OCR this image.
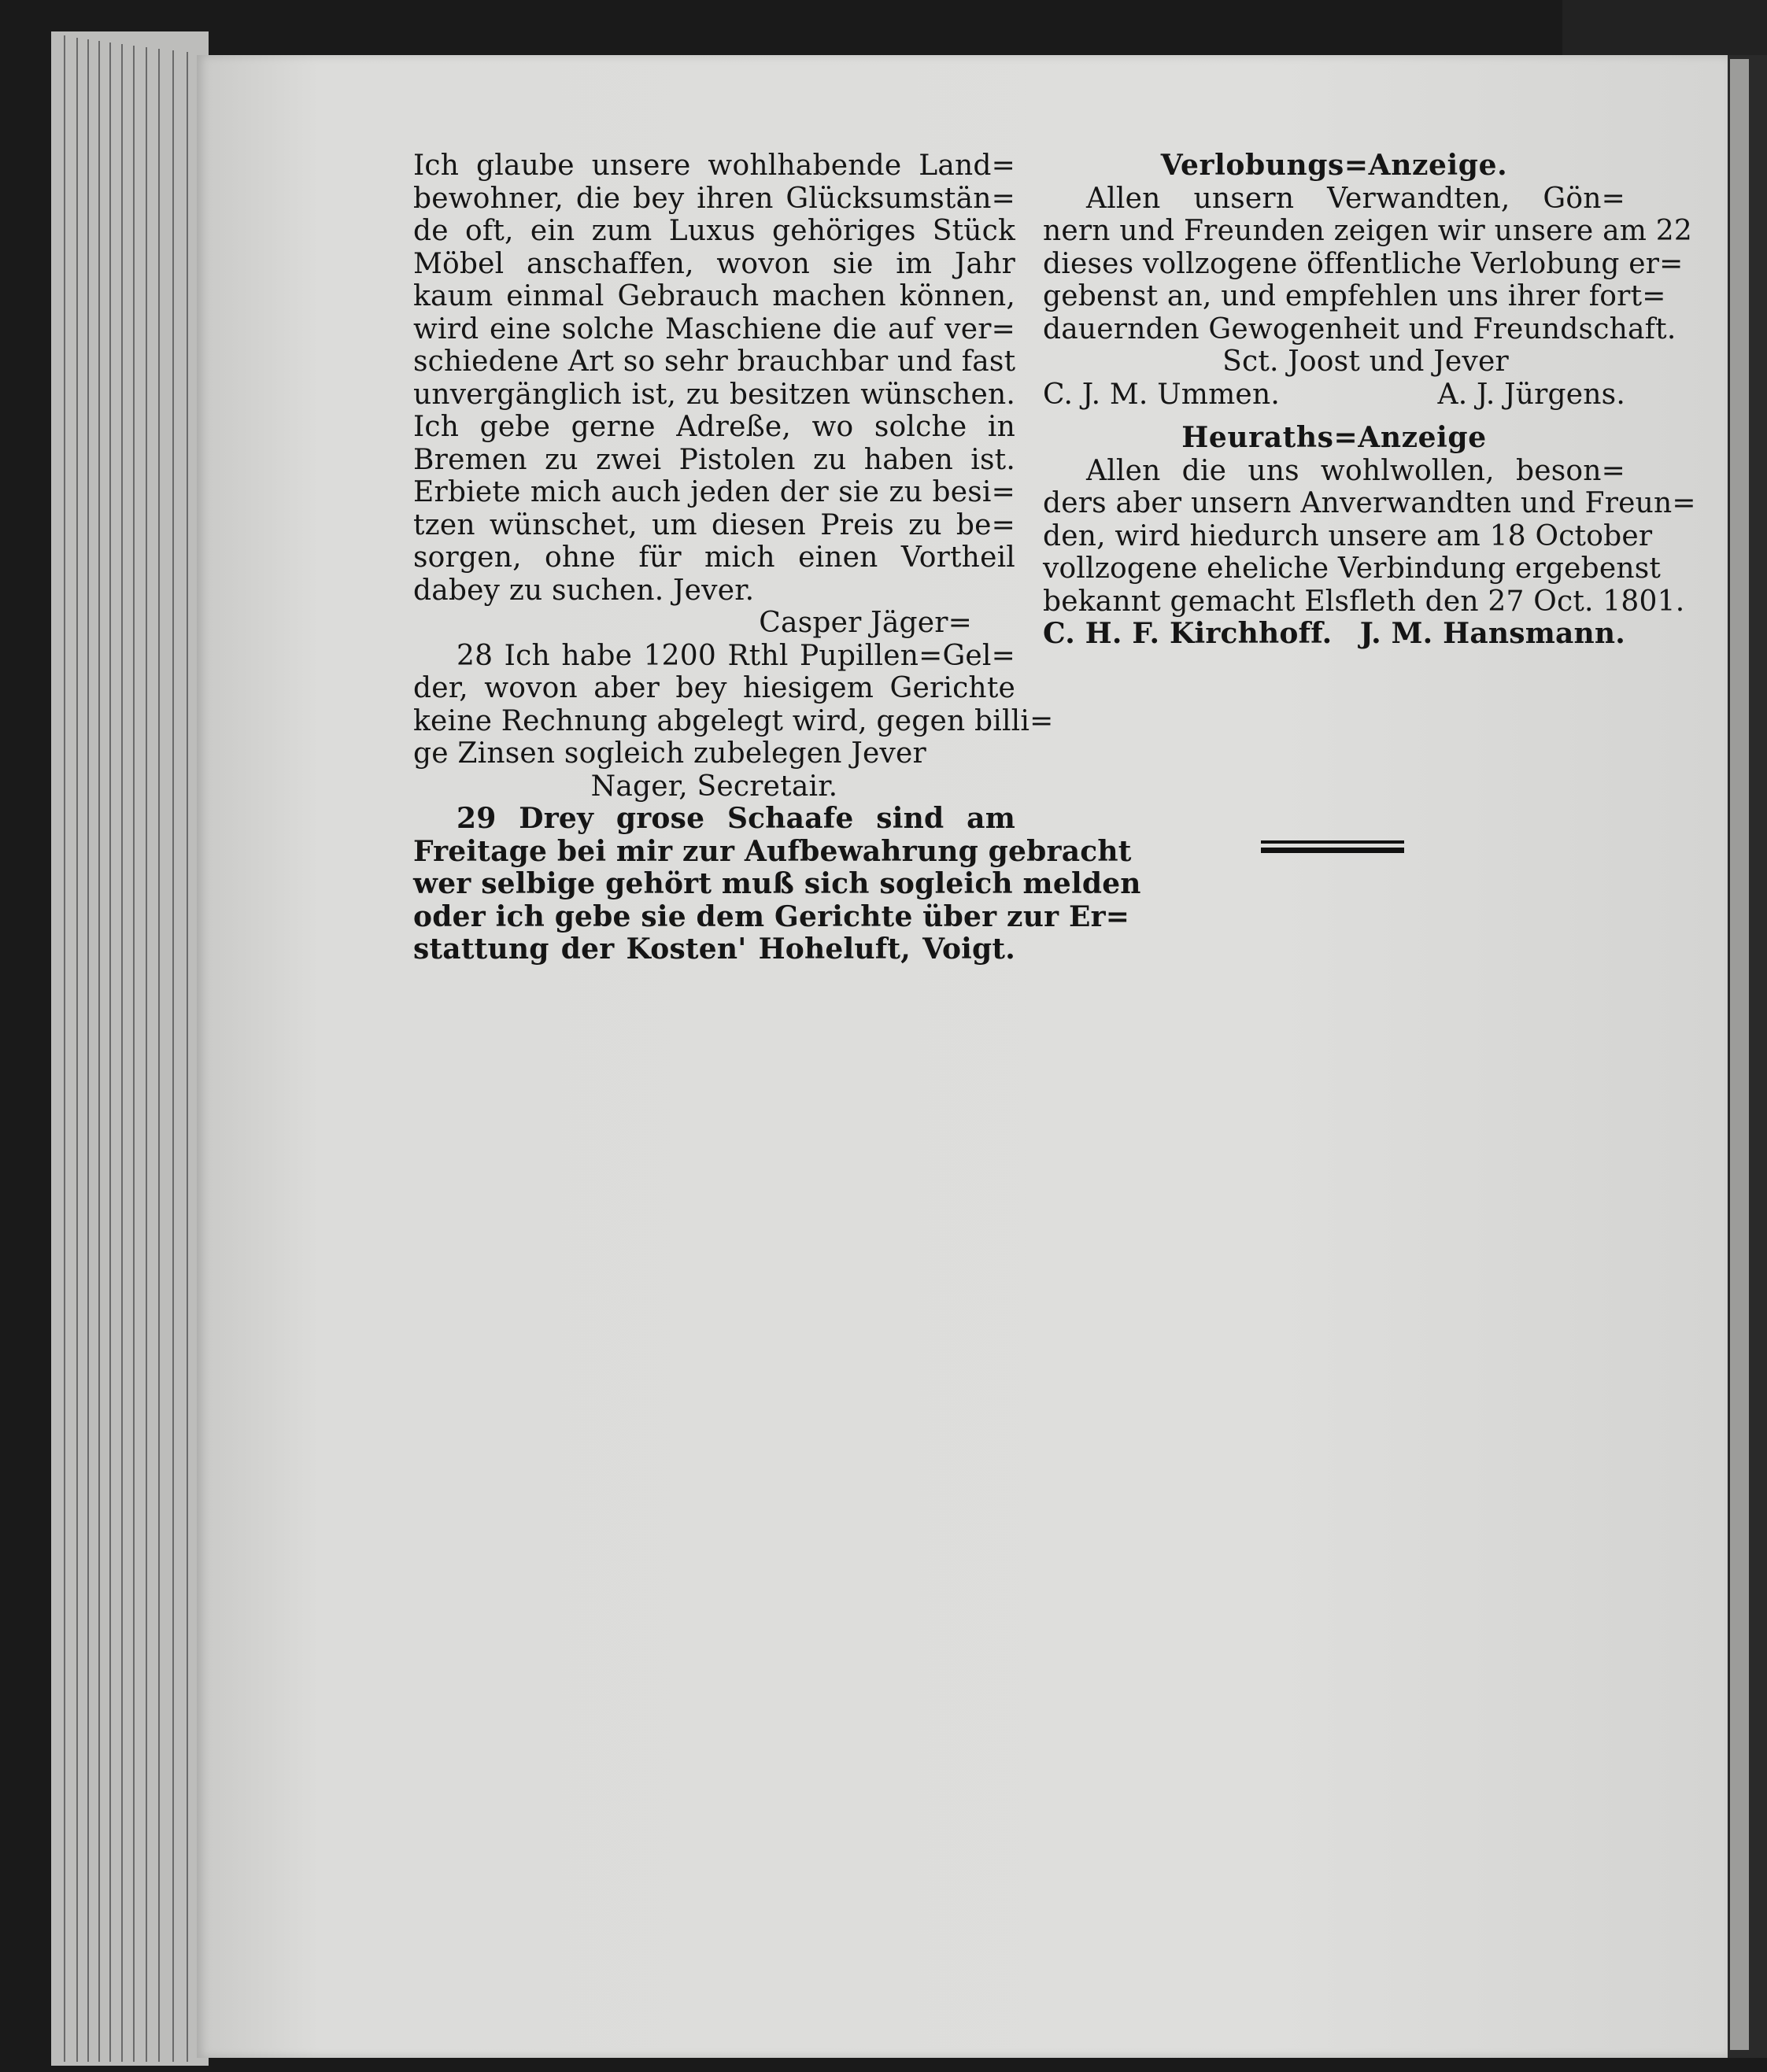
Ich glaube unsere wohlhabende Land=
bewohner, die bey ihren Glücksumstän=
de oft, ein zum Luxus gehöriges Stück
Möbel anschaffen, wovon sie im Jahr
kaum einmal Gebrauch machen können,
wird eine solche Maschiene die auf ver=
schiedene Art so sehr brauchbar und fast
unvergänglich ist, zu besitzen wünschen.
Ich gebe gerne Adreße, wo solche in
Bremen zu zwei Pistolen zu haben ist.
Erbiete mich auch jeden der sie zu besi=
tzen wünschet, um diesen Preis zu be=
sorgen, ohne für mich einen Vortheil
dabey zu suchen. Jever.
Casper Jäger=
28 Ich habe 1200 Rthl Pupillen=Gel=
der, wovon aber bey hiesigem Gerichte
keine Rechnung abgelegt wird, gegen billi=
ge Zinsen sogleich zubelegen Jever
Nager, Secretair.
29 Drey grose Schaafe sind am
Freitage bei mir zur Aufbewahrung gebracht
wer selbige gehört muß sich sogleich melden
oder ich gebe sie dem Gerichte über zur Er=
stattung der Kosten' Hoheluft, Voigt.
Verlobungs=Anzeige.
Allen unsern Verwandten, Gön=
nern und Freunden zeigen wir unsere am 22
dieses vollzogene öffentliche Verlobung er=
gebenst an, und empfehlen uns ihrer fort=
dauernden Gewogenheit und Freundschaft.
Sct. Joost und Jever
C. J. M. Ummen.	A. J. Jürgens.
Heuraths=Anzeige
Allen die uns wohlwollen, beson=
ders aber unsern Anverwandten und Freun=
den, wird hiedurch unsere am 18 October
vollzogene eheliche Verbindung ergebenst
bekannt gemacht Elsfleth den 27 Oct. 1801.
C. H. F. Kirchhoff. J. M. Hansmann.
